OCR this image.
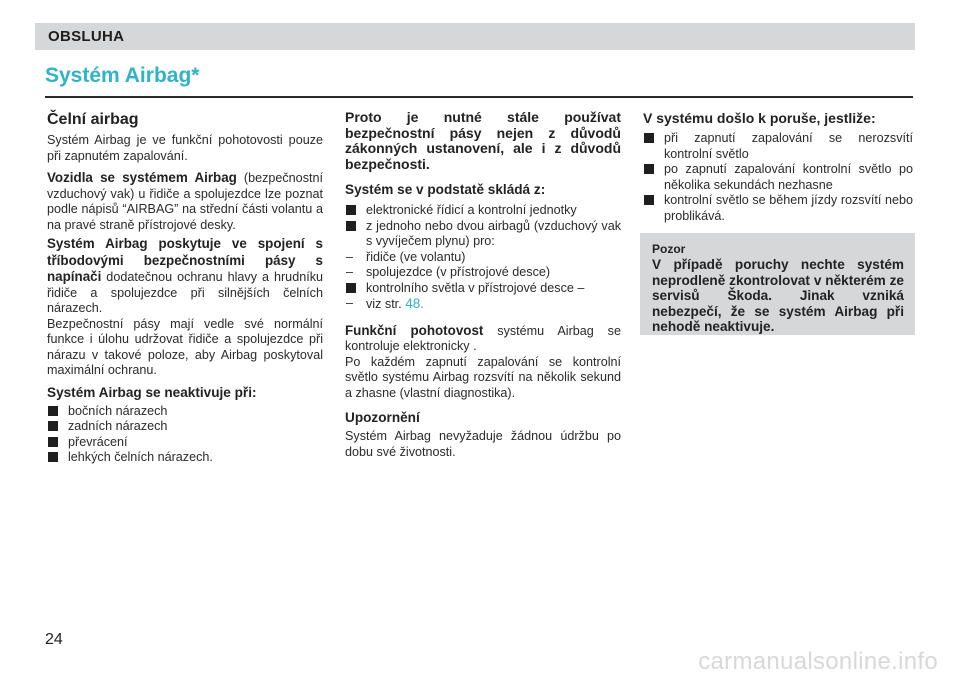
OBSLUHA
Systém Airbag*
Čelní airbag

Systém Airbag je ve funkční pohotovosti pouze při zapnutém zapalování.

Vozidla se systémem Airbag (bezpečnostní vzduchový vak) u řidiče a spolujezdce lze poznat podle nápisů “AIRBAG” na střední části volantu a na pravé straně přístrojové desky.

Systém Airbag poskytuje ve spojení s tříbodovými bezpečnostními pásy s napínači dodatečnou ochranu hlavy a hrudníku řidiče a spolujezdce při silnějších čelních nárazech.

Bezpečnostní pásy mají vedle své normální funkce i úlohu udržovat řidiče a spolujezdce při nárazu v takové poloze, aby Airbag poskytoval maximální ochranu.

Systém Airbag se neaktivuje při:

bočních nárazech

zadních nárazech

převrácení

lehkých čelních nárazech.

Proto je nutné stále používat bezpečnostní pásy nejen z důvodů zákonných ustanovení, ale i z důvodů bezpečnosti.
Systém se v podstatě skládá z:

elektronické řídicí a kontrolní jednotky

z jednoho nebo dvou airbagů (vzduchový vak s vyvíječem plynu) pro:

– řidiče (ve volantu)

– spolujezdce (v přístrojové desce)

kontrolního světla v přístrojové desce –

– viz str. 48.

Funkční pohotovost systému Airbag se kontroluje elektronicky .

Po každém zapnutí zapalování se kontrolní světlo systému Airbag rozsvítí na několik sekund a zhasne (vlastní diagnostika).

Upozornění

Systém Airbag nevyžaduje žádnou údržbu po dobu své životnosti.

V systému došlo k poruše, jestliže:

při zapnutí zapalování se nerozsvítí kontrolní světlo

po zapnutí zapalování kontrolní světlo po několika sekundách nezhasne

kontrolní světlo se během jízdy rozsvítí nebo problikává.

Pozor
V případě poruchy nechte systém neprodleně zkontrolovat v některém ze servisů Škoda. Jinak vzniká nebezpečí, že se systém Airbag při nehodě neaktivuje.
24
carmanualsonline.info
